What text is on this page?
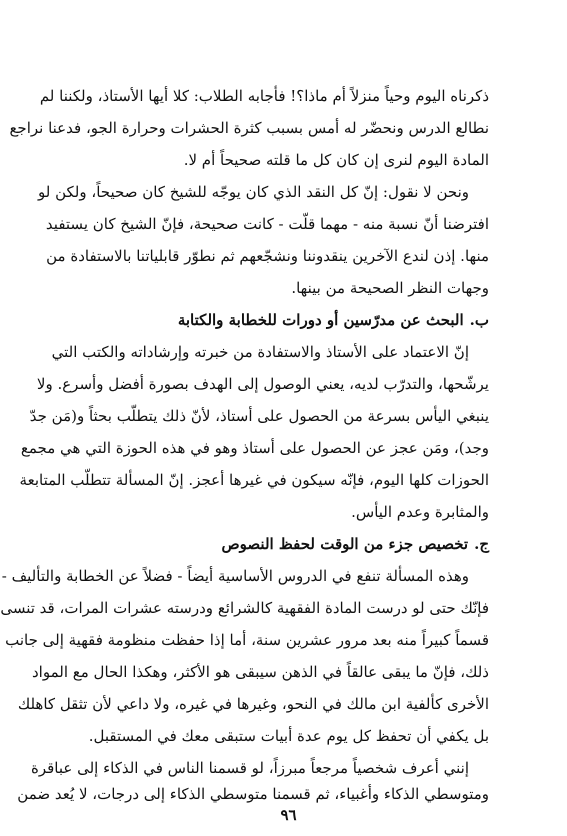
ذكرناه اليوم وحياً منزلاً أم ماذا؟! فأجابه الطلاب: كلا أيها الأستاذ، ولكننا لم
نطالع الدرس ونحضّر له أمس بسبب كثرة الحشرات وحرارة الجو، فدعنا نراجع
المادة اليوم لنرى إن كان كل ما قلته صحيحاً أم لا.
ونحن لا نقول: إنّ كل النقد الذي كان يوجّه للشيخ كان صحيحاً، ولكن لو
افترضنا أنّ نسبة منه - مهما قلّت - كانت صحيحة، فإنّ الشيخ كان يستفيد
منها. إذن لندع الآخرين ينقدوننا ونشجّعهم ثم نطوّر قابلياتنا بالاستفادة من
وجهات النظر الصحيحة من بينها.
ب.البحث عن مدرّسين أو دورات للخطابة والكتابة
إنّ الاعتماد على الأستاذ والاستفادة من خبرته وإرشاداته والكتب التي
يرشّحها، والتدرّب لديه، يعني الوصول إلى الهدف بصورة أفضل وأسرع. ولا
ينبغي اليأس بسرعة من الحصول على أستاذ، لأنّ ذلك يتطلّب بحثاً و(مَن جدّ
وجد)، ومَن عجز عن الحصول على أستاذ وهو في هذه الحوزة التي هي مجمع
الحوزات كلها اليوم، فإنّه سيكون في غيرها أعجز. إنّ المسألة تتطلّب المتابعة
والمثابرة وعدم اليأس.
ج.تخصيص جزء من الوقت لحفظ النصوص
وهذه المسألة تنفع في الدروس الأساسية أيضاً - فضلاً عن الخطابة والتأليف -
فإنّك حتى لو درست المادة الفقهية كالشرائع ودرسته عشرات المرات، قد تنسى
قسماً كبيراً منه بعد مرور عشرين سنة، أما إذا حفظت منظومة فقهية إلى جانب
ذلك، فإنّ ما يبقى عالقاً في الذهن سيبقى هو الأكثر، وهكذا الحال مع المواد
الأخرى كألفية ابن مالك في النحو، وغيرها في غيره، ولا داعي لأن تثقل كاهلك
بل يكفي أن تحفظ كل يوم عدة أبيات ستبقى معك في المستقبل.
إنني أعرف شخصياً مرجعاً مبرزاً، لو قسمنا الناس في الذكاء إلى عباقرة
ومتوسطي الذكاء وأغبياء، ثم قسمنا متوسطي الذكاء إلى درجات، لا يُعد ضمن
٩٦
